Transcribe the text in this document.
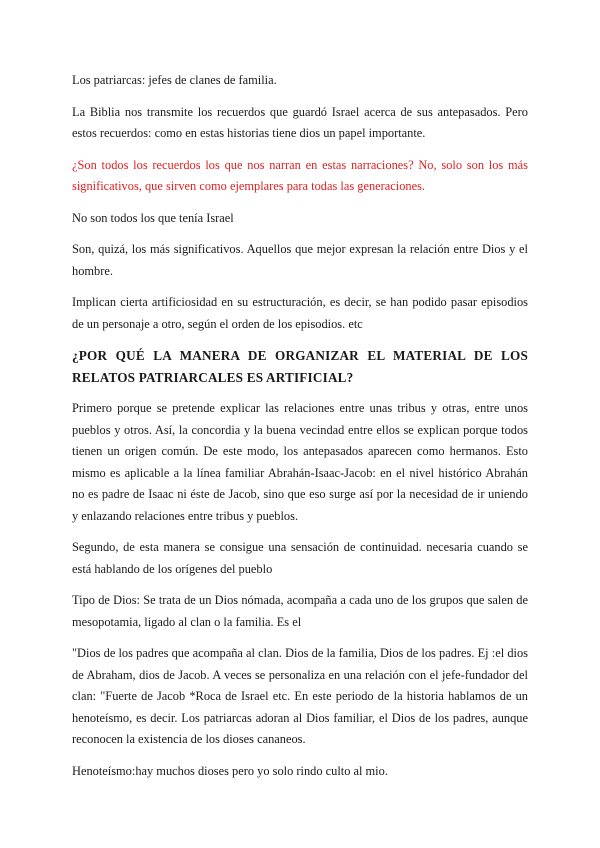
Los patriarcas: jefes de clanes de familia.

La Biblia nos transmite los recuerdos que guardó Israel acerca de sus antepasados. Pero estos recuerdos: como en estas historias tiene dios un papel importante.

¿Son todos los recuerdos los que nos narran en estas narraciones? No, solo son los más significativos, que sirven como ejemplares para todas las generaciones.

No son todos los que tenía Israel

Son, quizá, los más significativos. Aquellos que mejor expresan la relación entre Dios y el hombre.

Implican cierta artificiosidad en su estructuración, es decir, se han podido pasar episodios de un personaje a otro, según el orden de los episodios. etc

¿POR QUÉ LA MANERA DE ORGANIZAR EL MATERIAL DE LOS RELATOS PATRIARCALES ES ARTIFICIAL?

Primero porque se pretende explicar las relaciones entre unas tribus y otras, entre unos pueblos y otros. Así, la concordia y la buena vecindad entre ellos se explican porque todos tienen un origen común. De este modo, los antepasados aparecen como hermanos. Esto mismo es aplicable a la línea familiar Abrahán-Isaac-Jacob: en el nivel histórico Abrahán no es padre de Isaac ni éste de Jacob, sino que eso surge así por la necesidad de ir uniendo y enlazando relaciones entre tribus y pueblos.

Segundo, de esta manera se consigue una sensación de continuidad. necesaria cuando se está hablando de los orígenes del pueblo

Tipo de Dios: Se trata de un Dios nómada, acompaña a cada uno de los grupos que salen de mesopotamia, ligado al clan o la familia. Es el

"Dios de los padres que acompaña al clan. Dios de la familia, Dios de los padres. Ej :el dios de Abraham, dios de Jacob. A veces se personaliza en una relación con el jefe-fundador del clan: "Fuerte de Jacob *Roca de Israel etc. En este periodo de la historia hablamos de un henoteísmo, es decir. Los patriarcas adoran al Dios familiar, el Dios de los padres, aunque reconocen la existencia de los dioses cananeos.

Henoteísmo:hay muchos dioses pero yo solo rindo culto al mio.
